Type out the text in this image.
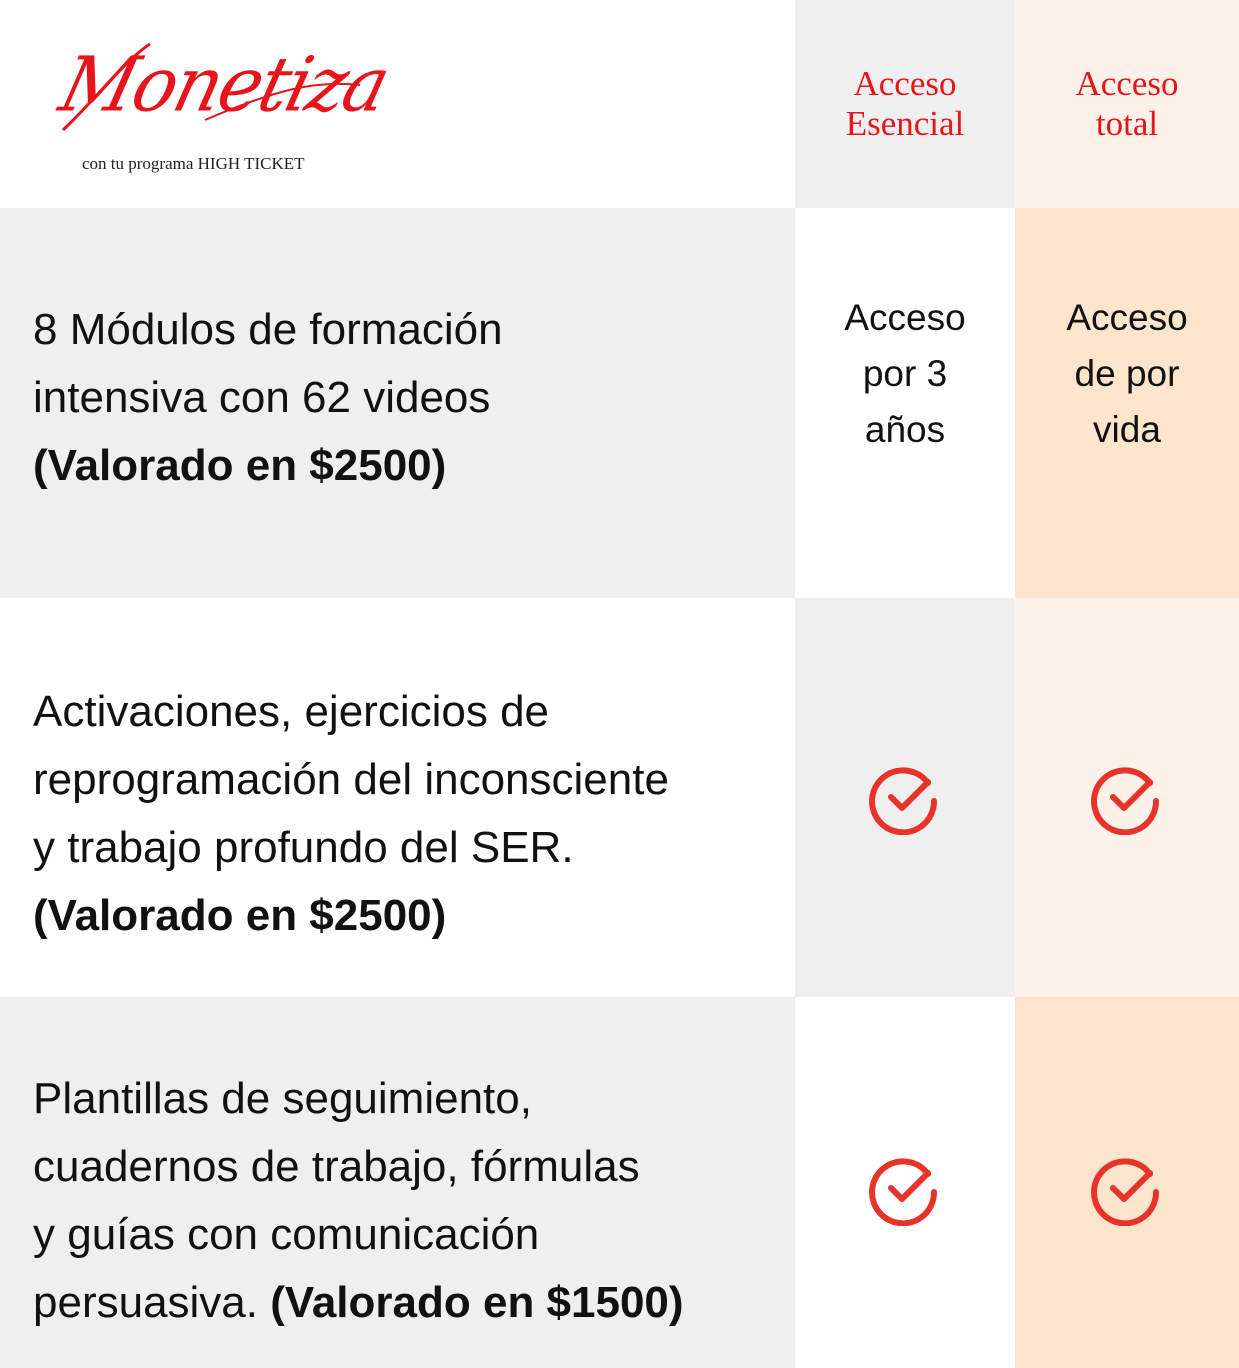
Monetiza
con tu programa HIGH TICKET
Acceso
Esencial
Acceso
total
8 Módulos de formación
intensiva con 62 videos
(Valorado en $2500)
Acceso
por 3
años
Acceso
de por
vida
Activaciones, ejercicios de
reprogramación del inconsciente
y trabajo profundo del SER.
(Valorado en $2500)
Plantillas de seguimiento,
cuadernos de trabajo, fórmulas
y guías con comunicación
persuasiva. (Valorado en $1500)
